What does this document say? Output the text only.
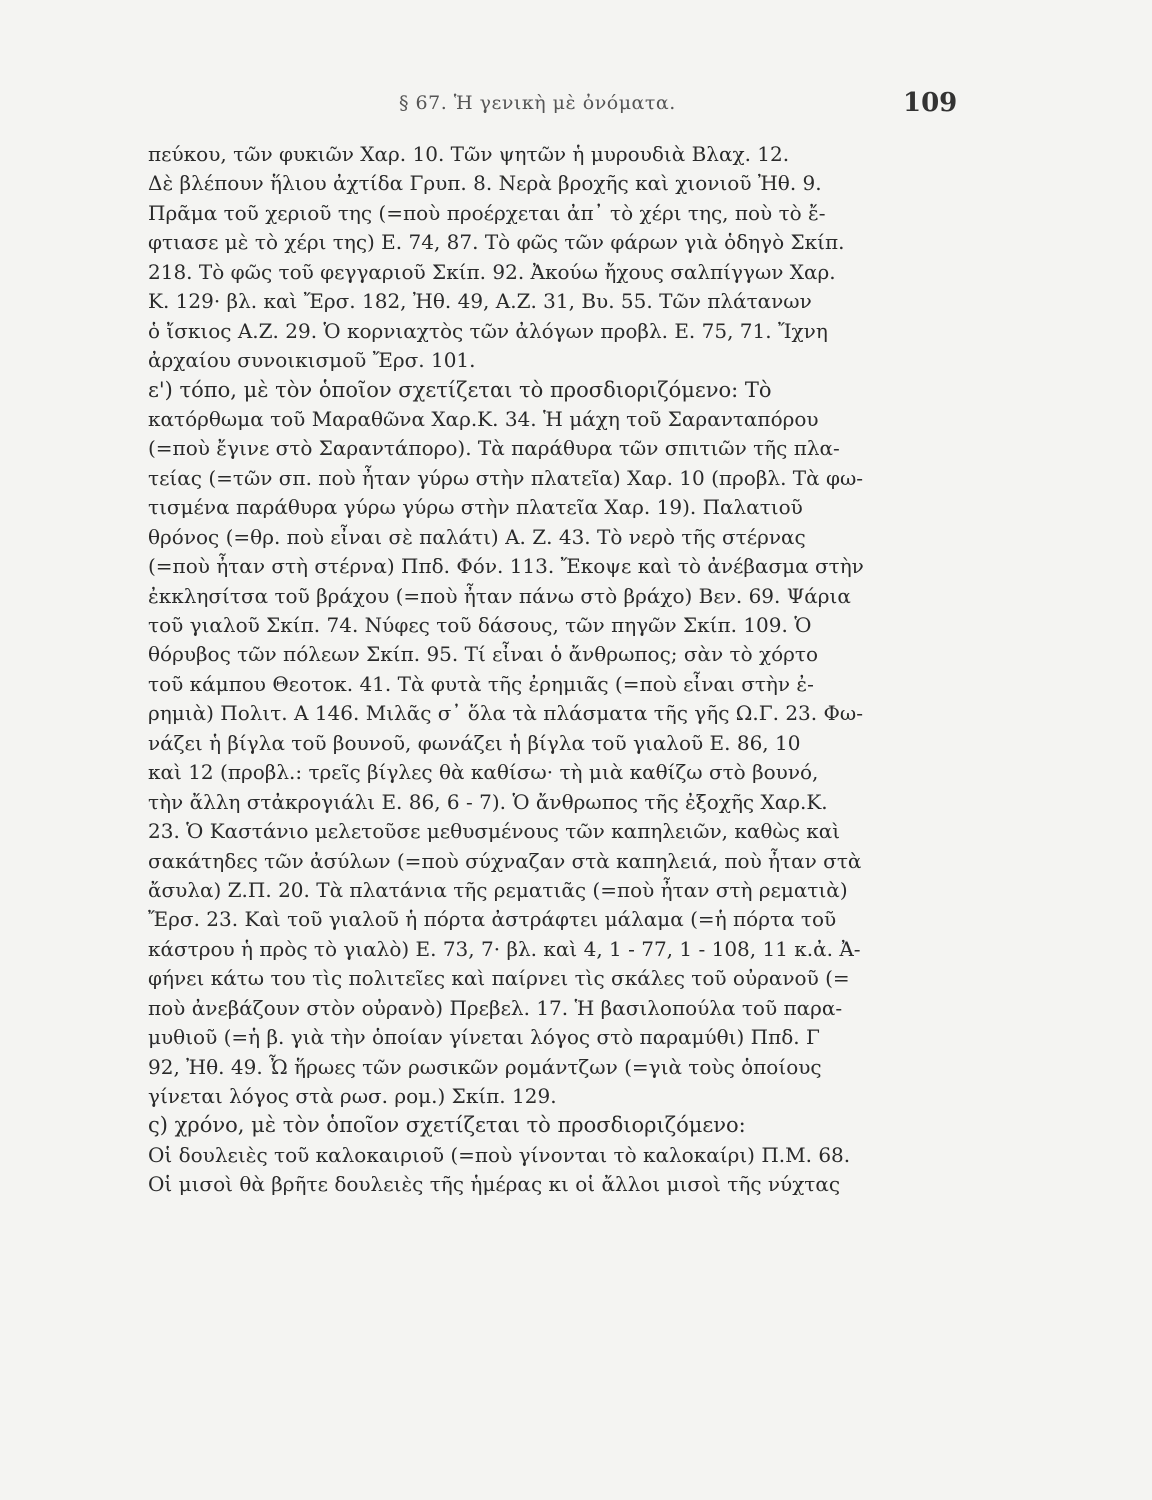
§ 67. Ἡ γενικὴ μὲ ὀνόματα.	109
πεύκου, τῶν φυκιῶν Χαρ. 10. Τῶν ψητῶν ἡ μυρουδιὰ Βλαχ. 12.
Δὲ βλέπουν ἥλιου ἀχτίδα Γρυπ. 8. Νερὰ βροχῆς καὶ χιονιοῦ Ἠθ. 9.
Πρᾶμα τοῦ χεριοῦ της (=ποὺ προέρχεται ἀπ᾽ τὸ χέρι της, ποὺ τὸ ἔ-
φτιασε μὲ τὸ χέρι της) Ε. 74, 87. Τὸ φῶς τῶν φάρων γιὰ ὁδηγὸ Σκίπ.
218. Τὸ φῶς τοῦ φεγγαριοῦ Σκίπ. 92. Ἀκούω ἤχους σαλπίγγων Χαρ.
Κ. 129· βλ. καὶ Ἔρσ. 182, Ἠθ. 49, Α.Ζ. 31, Βυ. 55. Τῶν πλάτανων
ὁ ἴσκιος Α.Ζ. 29. Ὁ κορνιαχτὸς τῶν ἀλόγων προβλ. Ε. 75, 71. Ἴχνη
ἀρχαίου συνοικισμοῦ Ἔρσ. 101.
ε') τόπο, μὲ τὸν ὁποῖον σχετίζεται τὸ προσδιοριζόμενο: Τὸ
κατόρθωμα τοῦ Μαραθῶνα Χαρ.Κ. 34. Ἡ μάχη τοῦ Σαρανταπόρου
(=ποὺ ἔγινε στὸ Σαραντάπορο). Τὰ παράθυρα τῶν σπιτιῶν τῆς πλα-
τείας (=τῶν σπ. ποὺ ἦταν γύρω στὴν πλατεῖα) Χαρ. 10 (προβλ. Τὰ φω-
τισμένα παράθυρα γύρω γύρω στὴν πλατεῖα Χαρ. 19). Παλατιοῦ
θρόνος (=θρ. ποὺ εἶναι σὲ παλάτι) Α. Ζ. 43. Τὸ νερὸ τῆς στέρνας
(=ποὺ ἦταν στὴ στέρνα) Ππδ. Φόν. 113. Ἔκοψε καὶ τὸ ἀνέβασμα στὴν
ἐκκλησίτσα τοῦ βράχου (=ποὺ ἦταν πάνω στὸ βράχο) Βεν. 69. Ψάρια
τοῦ γιαλοῦ Σκίπ. 74. Νύφες τοῦ δάσους, τῶν πηγῶν Σκίπ. 109. Ὁ
θόρυβος τῶν πόλεων Σκίπ. 95. Τί εἶναι ὁ ἄνθρωπος; σὰν τὸ χόρτο
τοῦ κάμπου Θεοτοκ. 41. Τὰ φυτὰ τῆς ἐρημιᾶς (=ποὺ εἶναι στὴν ἐ-
ρημιὰ) Πολιτ. Α 146. Μιλᾶς σ᾽ ὅλα τὰ πλάσματα τῆς γῆς Ω.Γ. 23. Φω-
νάζει ἡ βίγλα τοῦ βουνοῦ, φωνάζει ἡ βίγλα τοῦ γιαλοῦ Ε. 86, 10
καὶ 12 (προβλ.: τρεῖς βίγλες θὰ καθίσω· τὴ μιὰ καθίζω στὸ βουνό,
τὴν ἄλλη στἀκρογιάλι Ε. 86, 6 - 7). Ὁ ἄνθρωπος τῆς ἐξοχῆς Χαρ.Κ.
23. Ὁ Καστάνιο μελετοῦσε μεθυσμένους τῶν καπηλειῶν, καθὼς καὶ
σακάτηδες τῶν ἀσύλων (=ποὺ σύχναζαν στὰ καπηλειά, ποὺ ἦταν στὰ
ἄσυλα) Ζ.Π. 20. Τὰ πλατάνια τῆς ρεματιᾶς (=ποὺ ἦταν στὴ ρεματιὰ)
Ἔρσ. 23. Καὶ τοῦ γιαλοῦ ἡ πόρτα ἀστράφτει μάλαμα (=ἡ πόρτα τοῦ
κάστρου ἡ πρὸς τὸ γιαλὸ) Ε. 73, 7· βλ. καὶ 4, 1 - 77, 1 - 108, 11 κ.ἀ. Ἀ-
φήνει κάτω του τὶς πολιτεῖες καὶ παίρνει τὶς σκάλες τοῦ οὐρανοῦ (=
ποὺ ἀνεβάζουν στὸν οὐρανὸ) Πρεβελ. 17. Ἡ βασιλοπούλα τοῦ παρα-
μυθιοῦ (=ἡ β. γιὰ τὴν ὁποίαν γίνεται λόγος στὸ παραμύθι) Ππδ. Γ
92, Ἠθ. 49. Ὦ ἥρωες τῶν ρωσικῶν ρομάντζων (=γιὰ τοὺς ὁποίους
γίνεται λόγος στὰ ρωσ. ρομ.) Σκίπ. 129.
ς) χρόνο, μὲ τὸν ὁποῖον σχετίζεται τὸ προσδιοριζόμενο:
Οἱ δουλειὲς τοῦ καλοκαιριοῦ (=ποὺ γίνονται τὸ καλοκαίρι) Π.Μ. 68.
Οἱ μισοὶ θὰ βρῆτε δουλειὲς τῆς ἡμέρας κι οἱ ἄλλοι μισοὶ τῆς νύχτας
